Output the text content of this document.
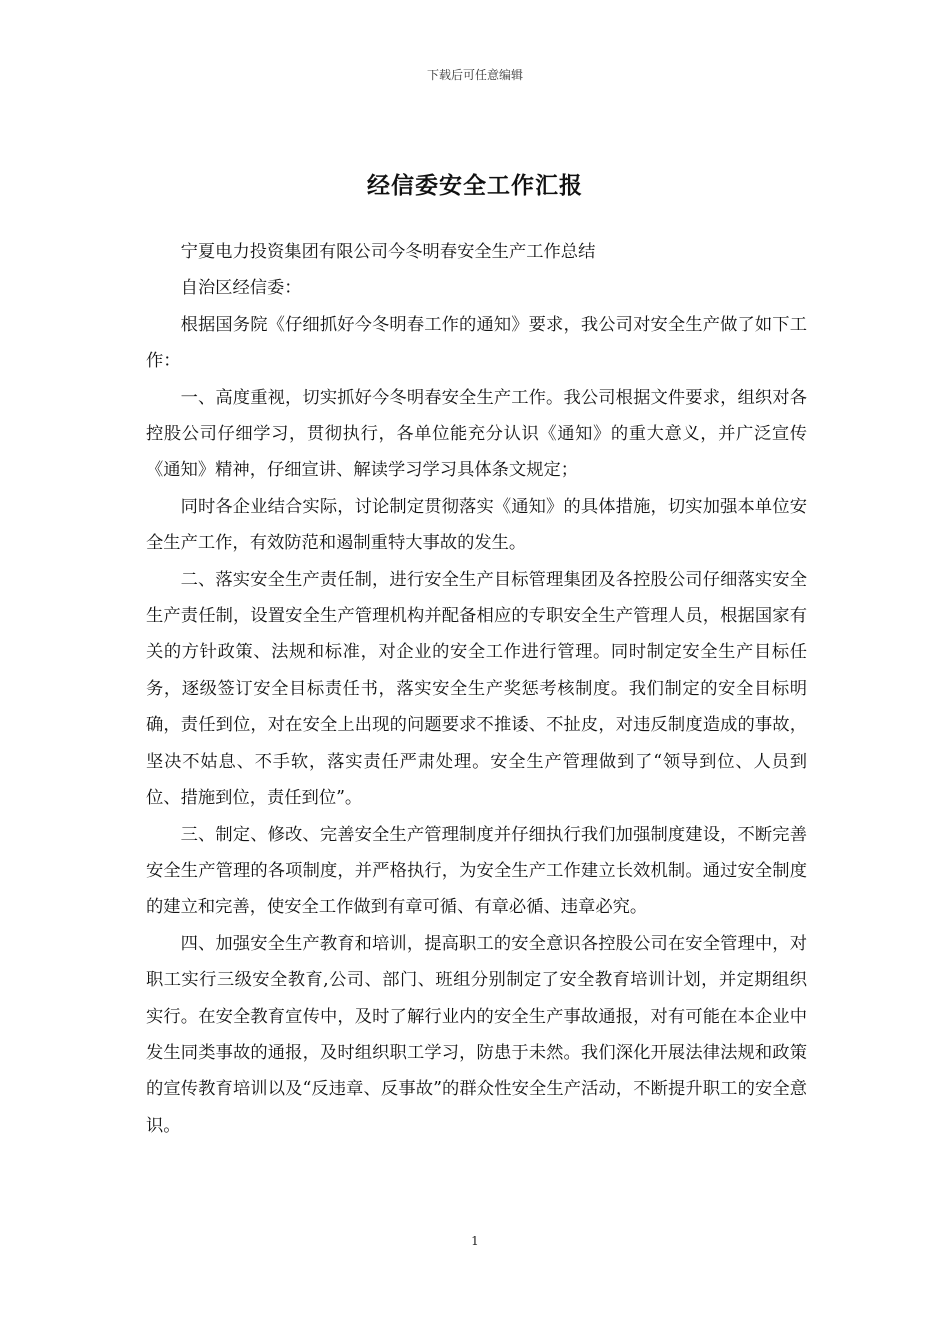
下载后可任意编辑
经信委安全工作汇报

宁夏电力投资集团有限公司今冬明春安全生产工作总结

自治区经信委：

根据国务院《仔细抓好今冬明春工作的通知》要求，我公司对安全生产做了如下工作：

一、高度重视，切实抓好今冬明春安全生产工作。我公司根据文件要求，组织对各控股公司仔细学习，贯彻执行，各单位能充分认识《通知》的重大意义，并广泛宣传《通知》精神，仔细宣讲、解读学习学习具体条文规定；

同时各企业结合实际，讨论制定贯彻落实《通知》的具体措施，切实加强本单位安全生产工作，有效防范和遏制重特大事故的发生。

二、落实安全生产责任制，进行安全生产目标管理集团及各控股公司仔细落实安全生产责任制，设置安全生产管理机构并配备相应的专职安全生产管理人员，根据国家有关的方针政策、法规和标准，对企业的安全工作进行管理。同时制定安全生产目标任务，逐级签订安全目标责任书，落实安全生产奖惩考核制度。我们制定的安全目标明确，责任到位，对在安全上出现的问题要求不推诿、不扯皮，对违反制度造成的事故，坚决不姑息、不手软，落实责任严肃处理。安全生产管理做到了“领导到位、人员到位、措施到位，责任到位”。

三、制定、修改、完善安全生产管理制度并仔细执行我们加强制度建设，不断完善安全生产管理的各项制度，并严格执行，为安全生产工作建立长效机制。通过安全制度的建立和完善，使安全工作做到有章可循、有章必循、违章必究。

四、加强安全生产教育和培训，提高职工的安全意识各控股公司在安全管理中，对职工实行三级安全教育,公司、部门、班组分别制定了安全教育培训计划，并定期组织实行。在安全教育宣传中，及时了解行业内的安全生产事故通报，对有可能在本企业中发生同类事故的通报，及时组织职工学习，防患于未然。我们深化开展法律法规和政策的宣传教育培训以及“反违章、反事故”的群众性安全生产活动，不断提升职工的安全意识。

1
